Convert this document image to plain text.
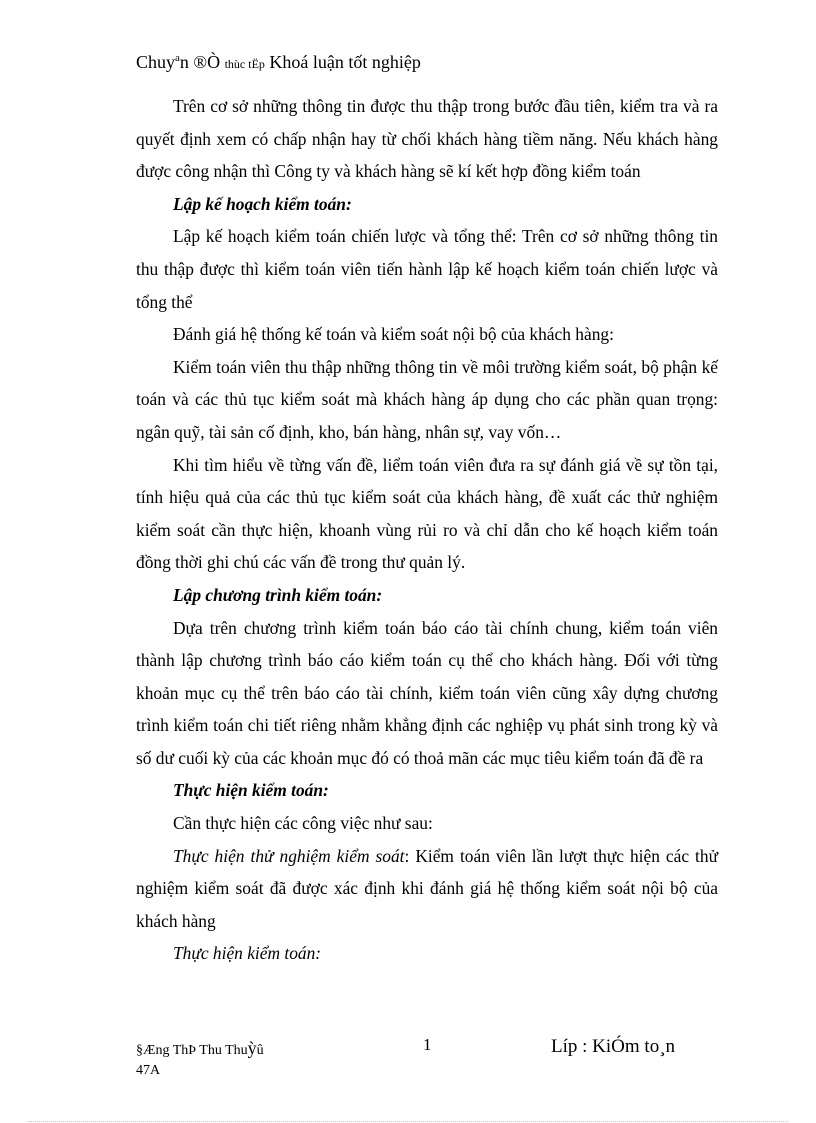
Chuy$^a$n ®Ò thùc tËp Khoá luận tốt nghiệp

Trên cơ sở những thông tin được thu thập trong bước đầu tiên, kiểm tra và ra quyết định xem có chấp nhận hay từ chối khách hàng tiềm năng. Nếu khách hàng được công nhận thì Công ty và khách hàng sẽ kí kết hợp đồng kiểm toán

Lập kế hoạch kiểm toán:

Lập kế hoạch kiểm toán chiến lược và tổng thể: Trên cơ sở những thông tin thu thập được thì kiểm toán viên tiến hành lập kế hoạch kiểm toán chiến lược và tổng thể

Đánh giá hệ thống kế toán và kiểm soát nội bộ của khách hàng:

Kiểm toán viên thu thập những thông tin về môi trường kiểm soát, bộ phận kế toán và các thủ tục kiểm soát mà khách hàng áp dụng cho các phần quan trọng: ngân quỹ, tài sản cố định, kho, bán hàng, nhân sự, vay vốn…

Khi tìm hiểu về từng vấn đề, liểm toán viên đưa ra sự đánh giá về sự tồn tại, tính hiệu quả của các thủ tục kiểm soát của khách hàng, đề xuất các thử nghiệm kiểm soát cần thực hiện, khoanh vùng rủi ro và chỉ dẫn cho kế hoạch kiểm toán đồng thời ghi chú các vấn đề trong thư quản lý.

Lập chương trình kiểm toán:

Dựa trên chương trình kiểm toán báo cáo tài chính chung, kiểm toán viên thành lập chương trình báo cáo kiểm toán cụ thể cho khách hàng. Đối với từng khoản mục cụ thể trên báo cáo tài chính, kiểm toán viên cũng xây dựng chương trình kiểm toán chi tiết riêng nhằm khẳng định các nghiệp vụ phát sinh trong kỳ và số dư cuối kỳ của các khoản mục đó có thoả mãn các mục tiêu kiểm toán đã đề ra

Thực hiện kiểm toán:

Cần thực hiện các công việc như sau:

Thực hiện thử nghiệm kiểm soát: Kiểm toán viên lần lượt thực hiện các thử nghiệm kiểm soát đã được xác định khi đánh giá hệ thống kiểm soát nội bộ của khách hàng

Thực hiện kiểm toán:

§Æng ThÞ Thu Thuỳû
47A
1	Líp : KiÓm to¸n
